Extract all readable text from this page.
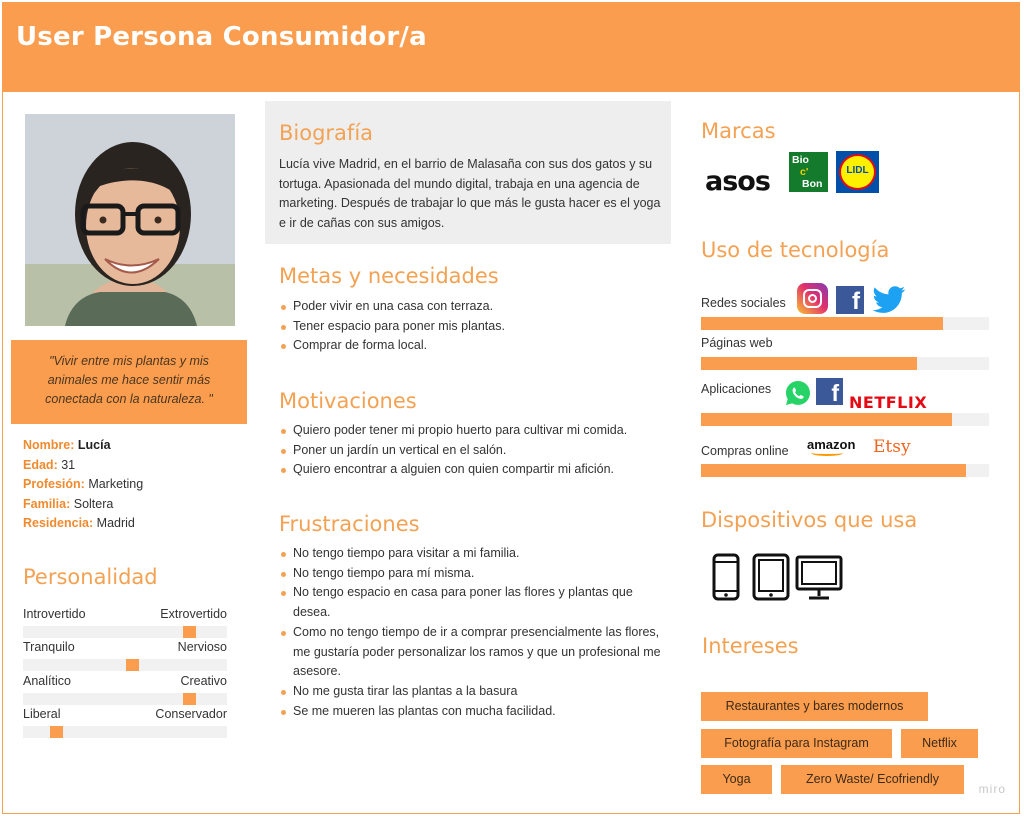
User Persona Consumidor/a
"Vivir entre mis plantas y mis animales me hace sentir más conectada con la naturaleza. "
Nombre: Lucía
Edad: 31
Profesión: Marketing
Familia: Soltera
Residencia: Madrid
Personalidad
Introvertido	Extrovertido
Tranquilo	Nervioso
Analítico	Creativo
Liberal	Conservador
Biografía

Lucía vive Madrid, en el barrio de Malasaña con sus dos gatos y su tortuga. Apasionada del mundo digital, trabaja en una agencia de marketing. Después de trabajar lo que más le gusta hacer es el yoga e ir de cañas con sus amigos.

Metas y necesidades
Poder vivir en una casa con terraza.
Tener espacio para poner mis plantas.
Comprar de forma local.
Motivaciones
Quiero poder tener mi propio huerto para cultivar mi comida.
Poner un jardín un vertical en el salón.
Quiero encontrar a alguien con quien compartir mi afición.
Frustraciones
No tengo tiempo para visitar a mi familia.
No tengo tiempo para mí misma.
No tengo espacio en casa para poner las flores y plantas que desea.
Como no tengo tiempo de ir a comprar presencialmente las flores, me gustaría poder personalizar los ramos y que un profesional me asesore.
No me gusta tirar las plantas a la basura
Se me mueren las plantas con mucha facilidad.
Marcas
asos
Bio
c'
Bon
LIDL
Uso de tecnología
Redes sociales	f
Páginas web
Aplicaciones	f NETFLIX
Compras online amazon Etsy
Dispositivos que usa
Intereses
Restaurantes y bares modernos
Fotografía para Instagram	Netflix
Yoga	Zero Waste/ Ecofriendly
miro
